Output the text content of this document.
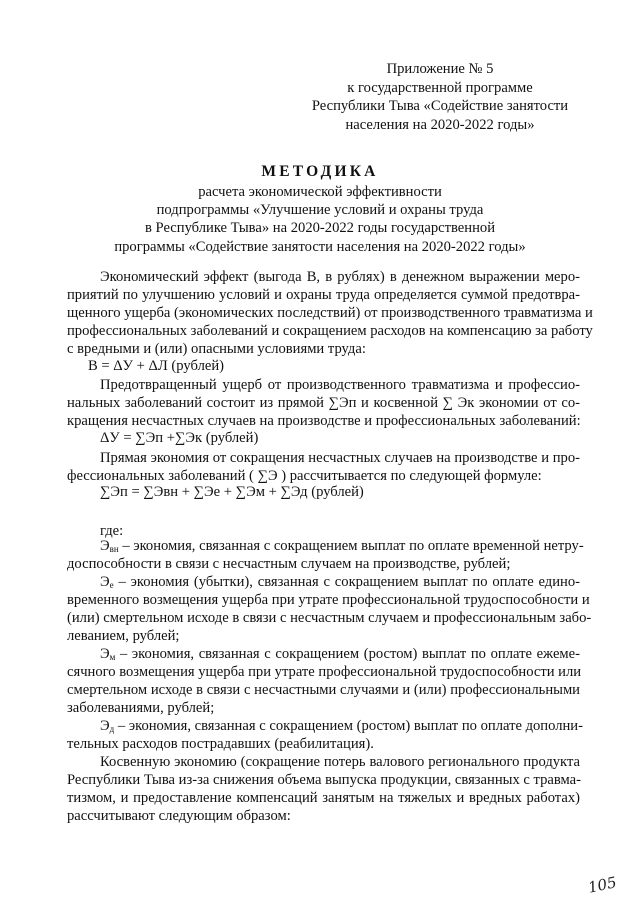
Приложение № 5
к государственной программе
Республики Тыва «Содействие занятости
населения на 2020-2022 годы»
МЕТОДИКА
расчета экономической эффективности
подпрограммы «Улучшение условий и охраны труда
в Республике Тыва» на 2020-2022 годы государственной
программы «Содействие занятости населения на 2020-2022 годы»
Экономический эффект (выгода В, в рублях) в денежном выражении меро-
приятий по улучшению условий и охраны труда определяется суммой предотвра-
щенного ущерба (экономических последствий) от производственного травматизма и
профессиональных заболеваний и сокращением расходов на компенсацию за работу
с вредными и (или) опасными условиями труда:
В = ΔУ + ΔЛ (рублей)
Предотвращенный ущерб от производственного травматизма и профессио-
нальных заболеваний состоит из прямой ∑Эп и косвенной ∑ Эк экономии от со-
кращения несчастных случаев на производстве и профессиональных заболеваний:
ΔУ = ∑Эп +∑Эк (рублей)
Прямая экономия от сокращения несчастных случаев на производстве и про-
фессиональных заболеваний ( ∑Э ) рассчитывается по следующей формуле:
∑Эп = ∑Эвн + ∑Эе + ∑Эм + ∑Эд (рублей)
где:
$Э_{вн}$ – экономия, связанная с сокращением выплат по оплате временной нетру-
доспособности в связи с несчастным случаем на производстве, рублей;
$Э_е$ – экономия (убытки), связанная с сокращением выплат по оплате едино-
временного возмещения ущерба при утрате профессиональной трудоспособности и
(или) смертельном исходе в связи с несчастным случаем и профессиональным забо-
леванием, рублей;
$Э_м$ – экономия, связанная с сокращением (ростом) выплат по оплате ежеме-
сячного возмещения ущерба при утрате профессиональной трудоспособности или
смертельном исходе в связи с несчастными случаями и (или) профессиональными
заболеваниями, рублей;
$Э_д$ – экономия, связанная с сокращением (ростом) выплат по оплате дополни-
тельных расходов пострадавших (реабилитация).
Косвенную экономию (сокращение потерь валового регионального продукта
Республики Тыва из-за снижения объема выпуска продукции, связанных с травма-
тизмом, и предоставление компенсаций занятым на тяжелых и вредных работах)
рассчитывают следующим образом:
105
